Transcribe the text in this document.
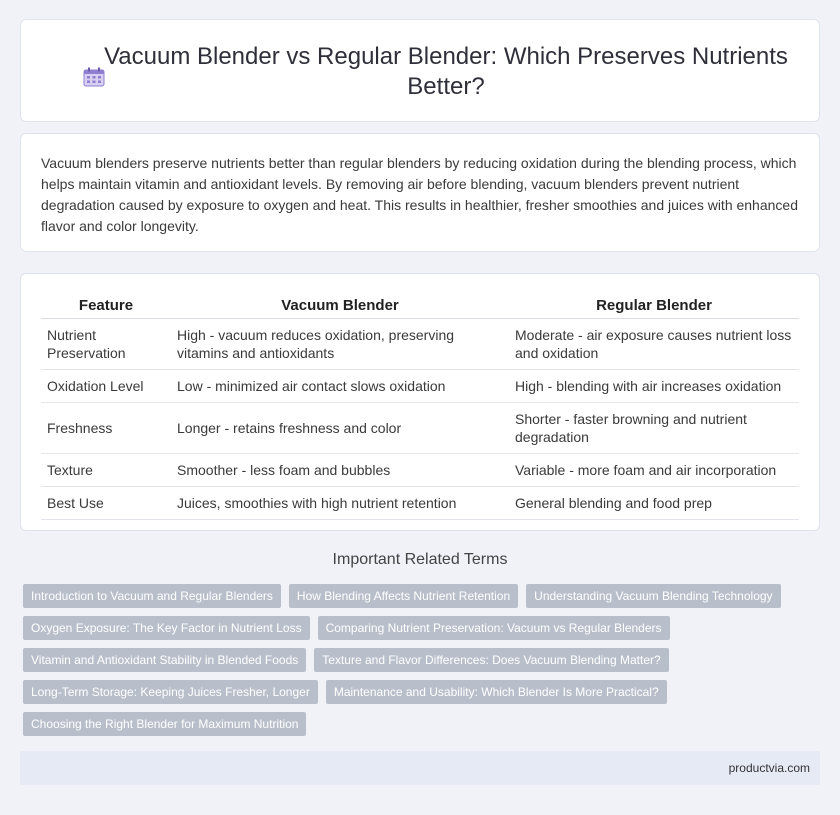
Vacuum Blender vs Regular Blender: Which Preserves Nutrients Better?

Vacuum blenders preserve nutrients better than regular blenders by reducing oxidation during the blending process, which helps maintain vitamin and antioxidant levels. By removing air before blending, vacuum blenders prevent nutrient degradation caused by exposure to oxygen and heat. This results in healthier, fresher smoothies and juices with enhanced flavor and color longevity.

Feature	Vacuum Blender	Regular Blender
Nutrient Preservation	High - vacuum reduces oxidation, preserving vitamins and antioxidants	Moderate - air exposure causes nutrient loss and oxidation
Oxidation Level	Low - minimized air contact slows oxidation	High - blending with air increases oxidation
Freshness	Longer - retains freshness and color	Shorter - faster browning and nutrient degradation
Texture	Smoother - less foam and bubbles	Variable - more foam and air incorporation
Best Use	Juices, smoothies with high nutrient retention	General blending and food prep
Important Related Terms
Introduction to Vacuum and Regular Blenders	How Blending Affects Nutrient Retention	Understanding Vacuum Blending Technology
Oxygen Exposure: The Key Factor in Nutrient Loss	Comparing Nutrient Preservation: Vacuum vs Regular Blenders
Vitamin and Antioxidant Stability in Blended Foods	Texture and Flavor Differences: Does Vacuum Blending Matter?
Long-Term Storage: Keeping Juices Fresher, Longer	Maintenance and Usability: Which Blender Is More Practical?
Choosing the Right Blender for Maximum Nutrition
productvia.com
